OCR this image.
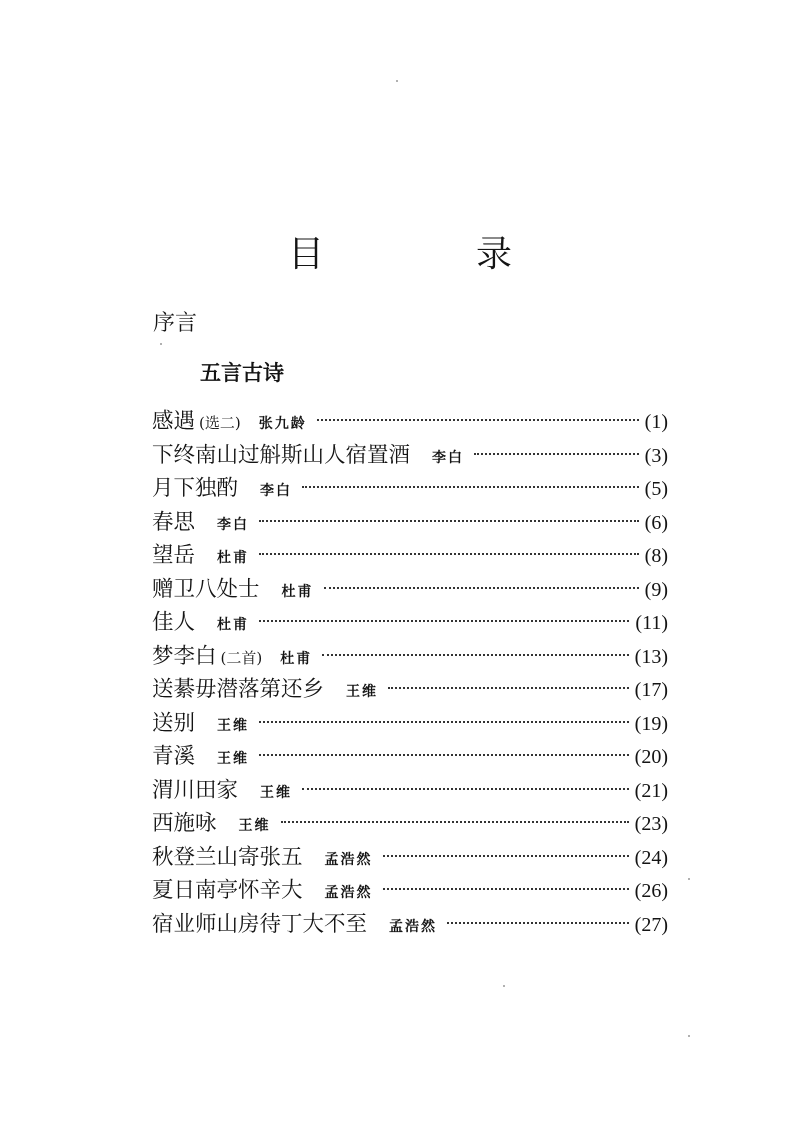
目　录
序言
五言古诗
感遇 (选二) 张九龄	(1)
下终南山过斛斯山人宿置酒 李白	(3)
月下独酌 李白	(5)
春思 李白	(6)
望岳 杜甫	(8)
赠卫八处士 杜甫	(9)
佳人 杜甫	(11)
梦李白 (二首) 杜甫	(13)
送綦毋潜落第还乡 王维	(17)
送别 王维	(19)
青溪 王维	(20)
渭川田家 王维	(21)
西施咏 王维	(23)
秋登兰山寄张五 孟浩然	(24)
夏日南亭怀辛大 孟浩然	(26)
宿业师山房待丁大不至 孟浩然	(27)
